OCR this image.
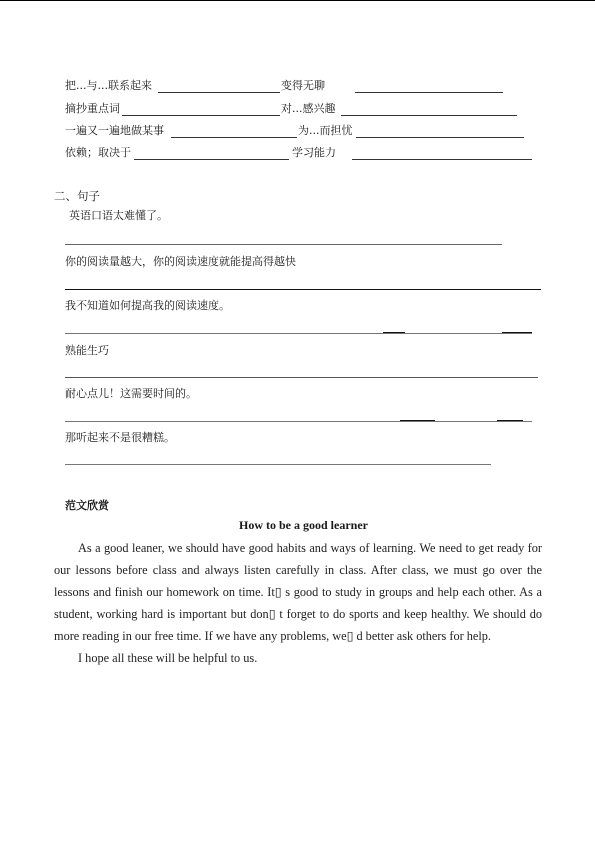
把...与...联系起来	变得无聊
摘抄重点词	对...感兴趣
一遍又一遍地做某事	为...而担忧
依赖；取决于	学习能力
二、句子
英语口语太难懂了。
你的阅读量越大，你的阅读速度就能提高得越快
我不知道如何提高我的阅读速度。
熟能生巧
耐心点儿！这需要时间的。
那听起来不是很糟糕。
范文欣赏
How to be a good learner

As a good leaner, we should have good habits and ways of learning. We need to get ready for our lessons before class and always listen carefully in class. After class, we must go over the lessons and finish our homework on time. It▯ s good to study in groups and help each other. As a student, working hard is important but don▯ t forget to do sports and keep healthy. We should do more reading in our free time. If we have any problems, we▯ d better ask others for help.

I hope all these will be helpful to us.
